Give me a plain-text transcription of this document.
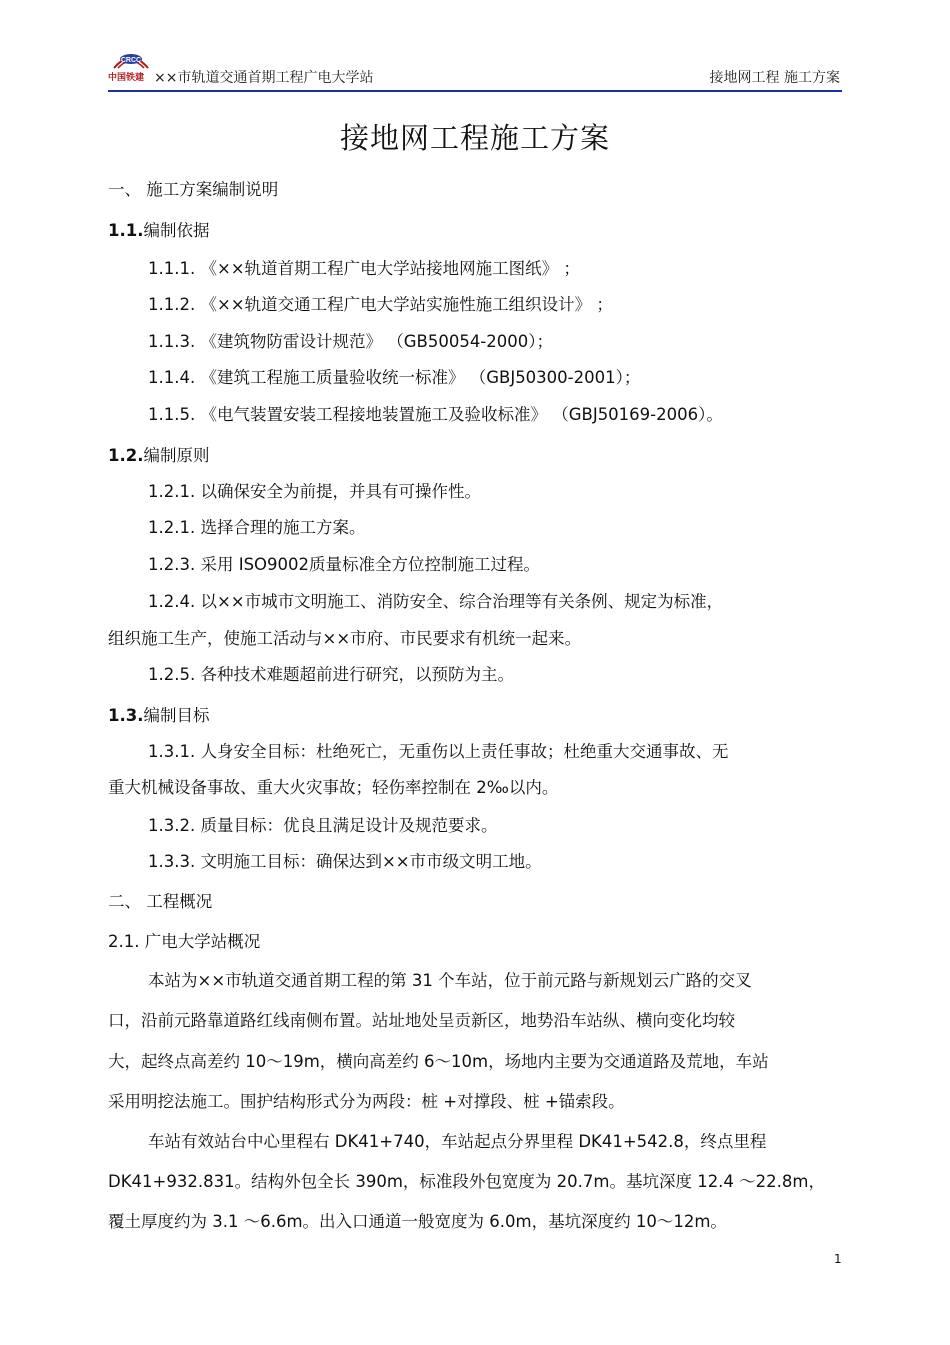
CRCC
中国铁建 ××市轨道交通首期工程广电大学站	接地网工程 施工方案
接地网工程施工方案
一、 施工方案编制说明
1.1.编制依据
1.1.1. 《××轨道首期工程广电大学站接地网施工图纸》 ；
1.1.2. 《××轨道交通工程广电大学站实施性施工组织设计》 ；
1.1.3. 《建筑物防雷设计规范》 （GB50054-2000）；
1.1.4. 《建筑工程施工质量验收统一标准》 （GBJ50300-2001）；
1.1.5. 《电气装置安装工程接地装置施工及验收标准》 （GBJ50169-2006）。
1.2.编制原则
1.2.1. 以确保安全为前提，并具有可操作性。
1.2.1. 选择合理的施工方案。
1.2.3. 采用 ISO9002质量标准全方位控制施工过程。
1.2.4. 以××市城市文明施工、消防安全、综合治理等有关条例、规定为标准，
组织施工生产，使施工活动与××市府、市民要求有机统一起来。
1.2.5. 各种技术难题超前进行研究，以预防为主。
1.3.编制目标
1.3.1. 人身安全目标：杜绝死亡，无重伤以上责任事故；杜绝重大交通事故、无
重大机械设备事故、重大火灾事故；轻伤率控制在 2‰以内。
1.3.2. 质量目标：优良且满足设计及规范要求。
1.3.3. 文明施工目标：确保达到××市市级文明工地。
二、 工程概况
2.1. 广电大学站概况
本站为××市轨道交通首期工程的第 31 个车站，位于前元路与新规划云广路的交叉
口，沿前元路靠道路红线南侧布置。站址地处呈贡新区，地势沿车站纵、横向变化均较
大，起终点高差约 10～19m，横向高差约 6～10m，场地内主要为交通道路及荒地，车站
采用明挖法施工。围护结构形式分为两段：桩 +对撑段、桩 +锚索段。
车站有效站台中心里程右 DK41+740，车站起点分界里程 DK41+542.8，终点里程
DK41+932.831。结构外包全长 390m，标准段外包宽度为 20.7m。基坑深度 12.4 ～22.8m，
覆土厚度约为 3.1 ～6.6m。出入口通道一般宽度为 6.0m，基坑深度约 10～12m。
1
